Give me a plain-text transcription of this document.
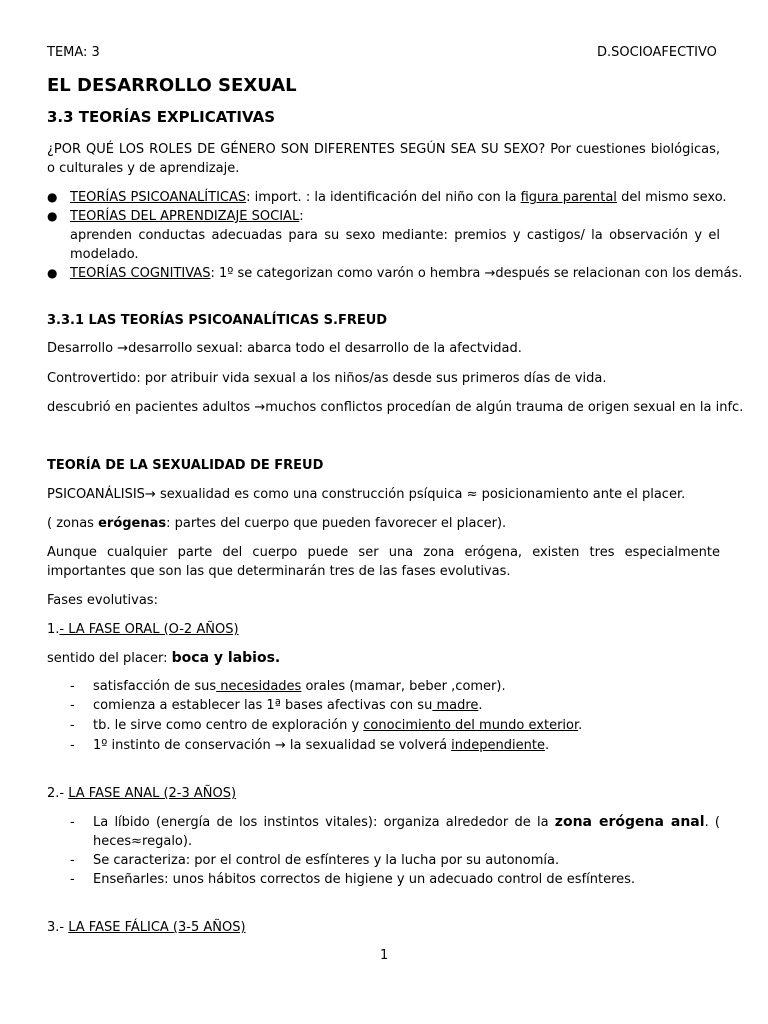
TEMA: 3	D.SOCIOAFECTIVO
EL DESARROLLO SEXUAL
3.3 TEORÍAS EXPLICATIVAS
¿POR QUÉ LOS ROLES DE GÉNERO SON DIFERENTES SEGÚN SEA SU SEXO? Por cuestiones biológicas, o culturales y de aprendizaje.
● TEORÍAS PSICOANALÍTICAS: import. : la identificación del niño con la figura parental del mismo sexo.
● TEORÍAS DEL APRENDIZAJE SOCIAL:
aprenden conductas adecuadas para su sexo mediante: premios y castigos/ la observación y el modelado.
● TEORÍAS COGNITIVAS: 1º se categorizan como varón o hembra →después se relacionan con los demás.
3.3.1 LAS TEORÍAS PSICOANALÍTICAS S.FREUD
Desarrollo →desarrollo sexual: abarca todo el desarrollo de la afectvidad.
Controvertido: por atribuir vida sexual a los niños/as desde sus primeros días de vida.
descubrió en pacientes adultos →muchos conflictos procedían de algún trauma de origen sexual en la infc.
TEORÍA DE LA SEXUALIDAD DE FREUD
PSICOANÁLISIS→ sexualidad es como una construcción psíquica ≈ posicionamiento ante el placer.
( zonas erógenas: partes del cuerpo que pueden favorecer el placer).
Aunque cualquier parte del cuerpo puede ser una zona erógena, existen tres especialmente importantes que son las que determinarán tres de las fases evolutivas.
Fases evolutivas:
1.- LA FASE ORAL (O-2 AÑOS)
sentido del placer: boca y labios.
- satisfacción de sus necesidades orales (mamar, beber ,comer).
- comienza a establecer las 1ª bases afectivas con su madre.
- tb. le sirve como centro de exploración y conocimiento del mundo exterior.
- 1º instinto de conservación → la sexualidad se volverá independiente.
2.- LA FASE ANAL (2-3 AÑOS)
- La líbido (energía de los instintos vitales): organiza alrededor de la zona erógena anal. ( heces≈regalo).
- Se caracteriza: por el control de esfínteres y la lucha por su autonomía.
- Enseñarles: unos hábitos correctos de higiene y un adecuado control de esfínteres.
3.- LA FASE FÁLICA (3-5 AÑOS)
1
